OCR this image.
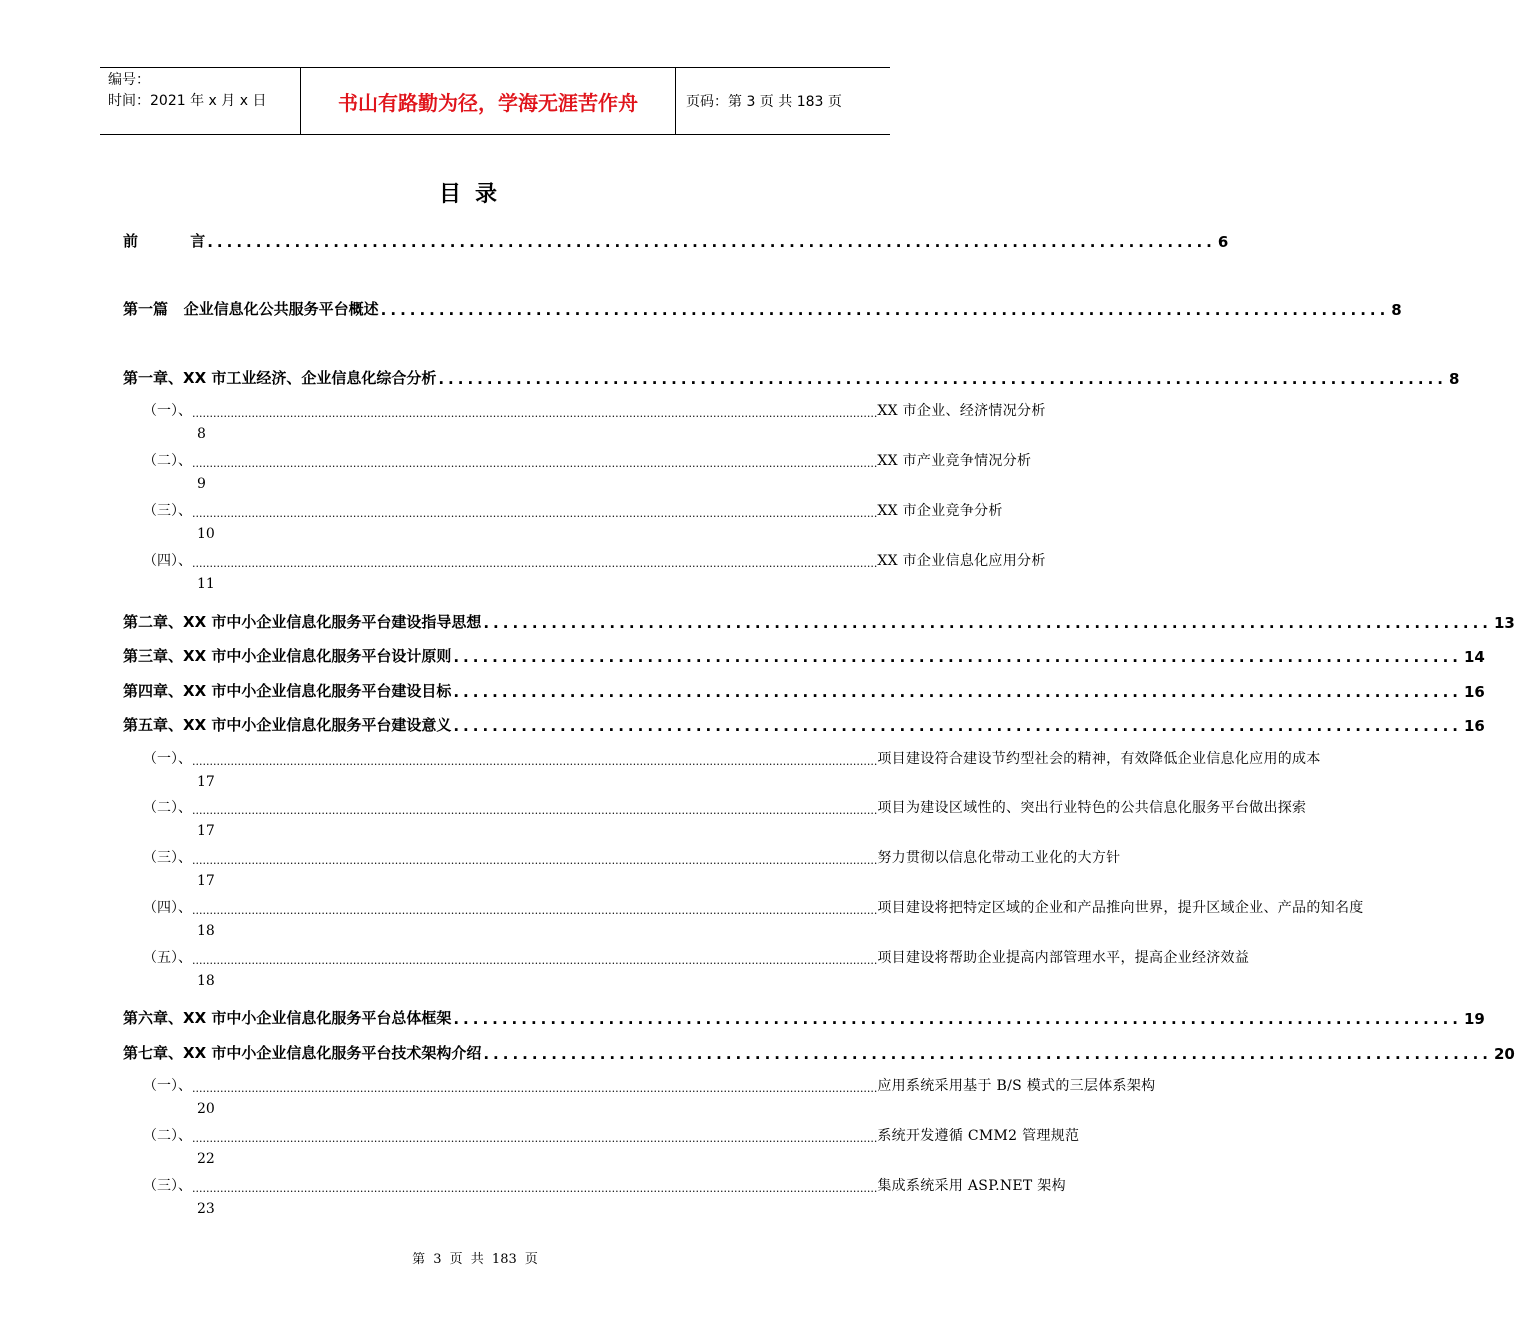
编号：
时间：2021 年 x 月 x 日	书山有路勤为径，学海无涯苦作舟	页码：第 3 页 共 183 页
目录
前          言 ........................................................................................................ 6
第一篇   企业信息化公共服务平台概述 ........................................................................................................ 8
第一章、XX 市工业经济、企业信息化综合分析 ........................................................................................................ 8
（一）、 .................................................................................................................................................................................................... XX 市企业、经济情况分析
8
（二）、 .................................................................................................................................................................................................... XX 市产业竞争情况分析
9
（三）、 .................................................................................................................................................................................................... XX 市企业竞争分析
10
（四）、 .................................................................................................................................................................................................... XX 市企业信息化应用分析
11
第二章、XX 市中小企业信息化服务平台建设指导思想 ........................................................................................................ 13
第三章、XX 市中小企业信息化服务平台设计原则 ........................................................................................................ 14
第四章、XX 市中小企业信息化服务平台建设目标 ........................................................................................................ 16
第五章、XX 市中小企业信息化服务平台建设意义 ........................................................................................................ 16
（一）、 .................................................................................................................................................................................................... 项目建设符合建设节约型社会的精神，有效降低企业信息化应用的成本
17
（二）、 .................................................................................................................................................................................................... 项目为建设区域性的、突出行业特色的公共信息化服务平台做出探索
17
（三）、 .................................................................................................................................................................................................... 努力贯彻以信息化带动工业化的大方针
17
（四）、 .................................................................................................................................................................................................... 项目建设将把特定区域的企业和产品推向世界，提升区域企业、产品的知名度
18
（五）、 .................................................................................................................................................................................................... 项目建设将帮助企业提高内部管理水平，提高企业经济效益
18
第六章、XX 市中小企业信息化服务平台总体框架 ........................................................................................................ 19
第七章、XX 市中小企业信息化服务平台技术架构介绍 ........................................................................................................ 20
（一）、 .................................................................................................................................................................................................... 应用系统采用基于 B/S 模式的三层体系架构
20
（二）、 .................................................................................................................................................................................................... 系统开发遵循 CMM2 管理规范
22
（三）、 .................................................................................................................................................................................................... 集成系统采用 ASP.NET 架构
23
第 3 页 共 183 页
